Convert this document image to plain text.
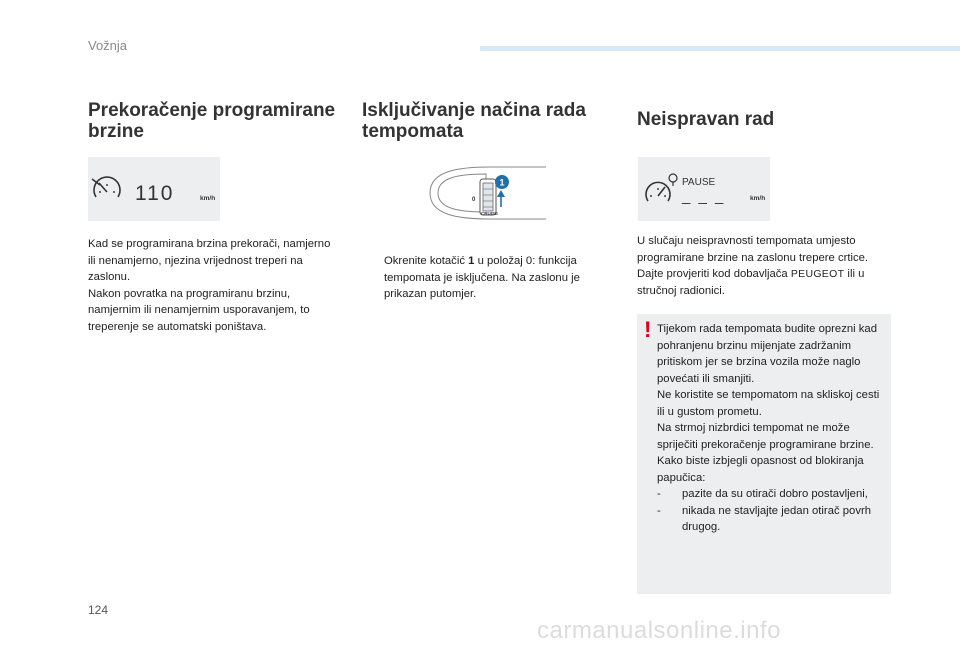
Vožnja
Prekoračenje programirane brzine
110	km/h
Kad se programirana brzina prekorači, namjerno ili nenamjerno, njezina vrijednost treperi na zaslonu.
Nakon povratka na programiranu brzinu, namjernim ili nenamjernim usporavanjem, to treperenje se automatski poništava.
Isključivanje načina rada tempomata
0
CRUISE
1
Okrenite kotačić 1 u položaj 0: funkcija tempomata je isključena. Na zaslonu je prikazan putomjer.
Neispravan rad
PAUSE
_ _ _	km/h
U slučaju neispravnosti tempomata umjesto programirane brzine na zaslonu trepere crtice. Dajte provjeriti kod dobavljača PEUGEOT ili u stručnoj radionici.
! Tijekom rada tempomata budite oprezni kad pohranjenu brzinu mijenjate zadržanim pritiskom jer se brzina vozila može naglo povećati ili smanjiti.

Ne koristite se tempomatom na skliskoj cesti ili u gustom prometu.

Na strmoj nizbrdici tempomat ne može spriječiti prekoračenje programirane brzine.

Kako biste izbjegli opasnost od blokiranja papučica:

- pazite da su otirači dobro postavljeni,
- nikada ne stavljajte jedan otirač povrh drugog.
124
carmanualsonline.info
